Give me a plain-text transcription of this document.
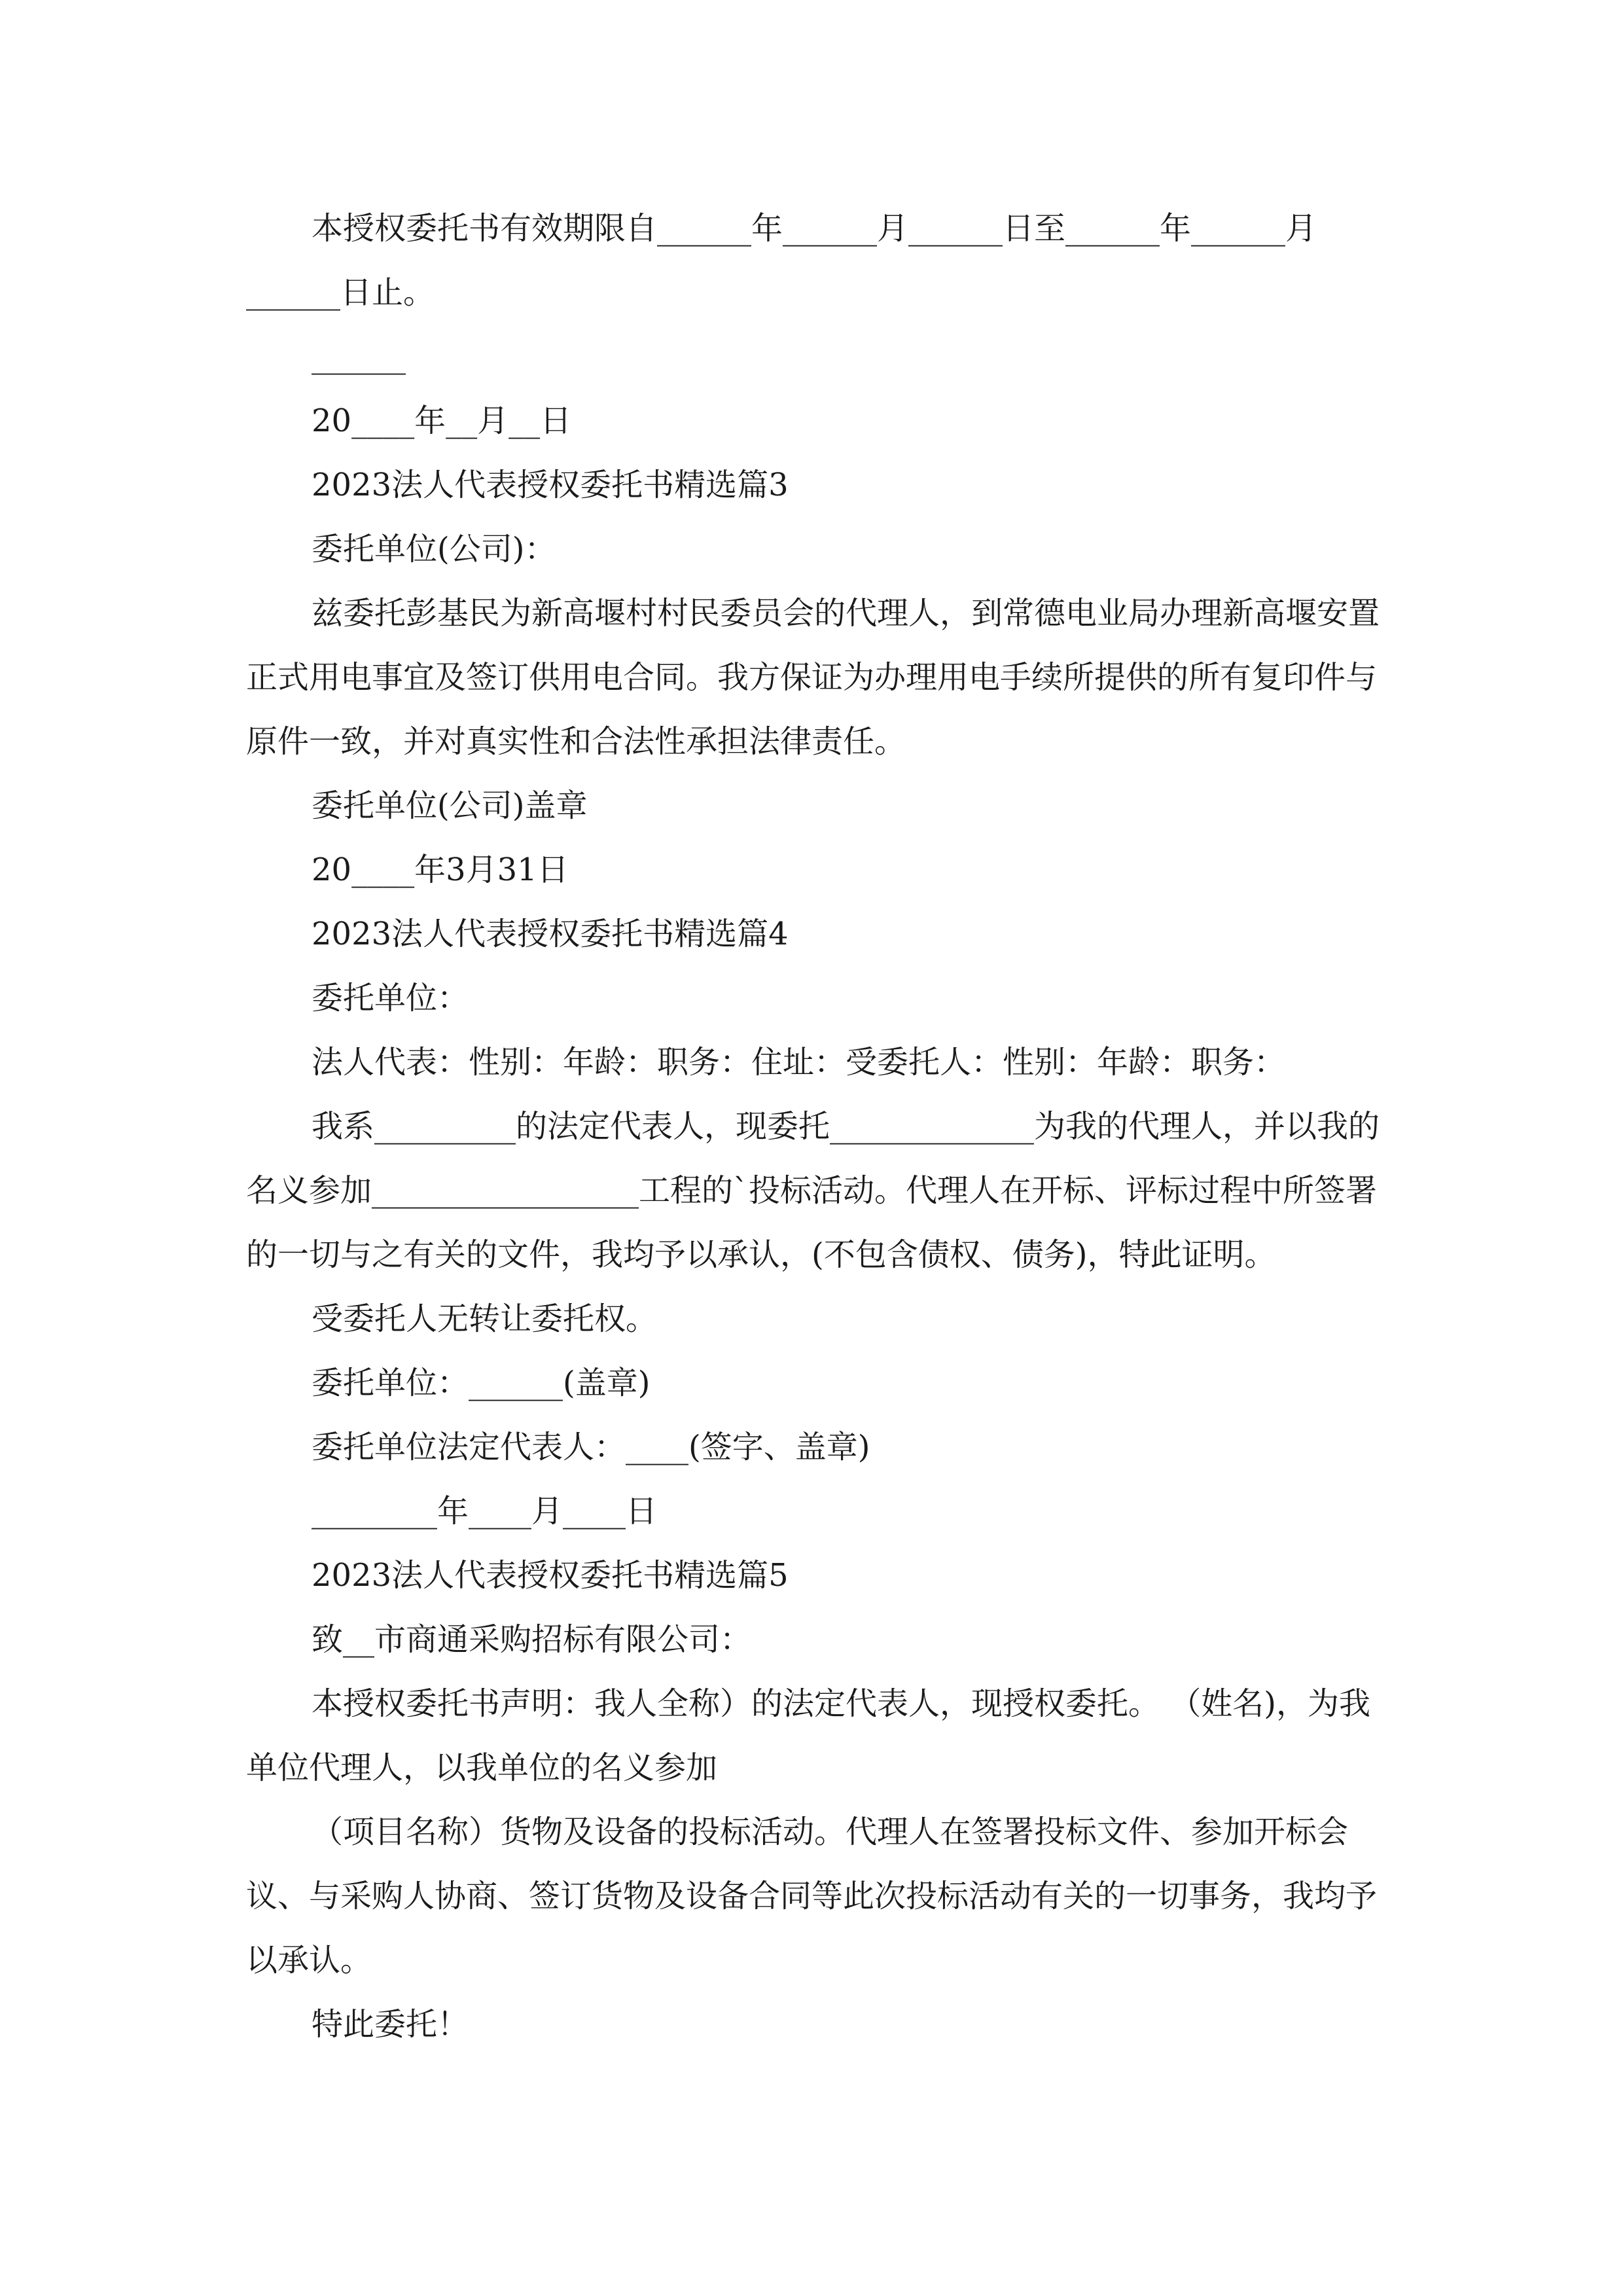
本授权委托书有效期限自______年______月______日至______年______月

______日止。

______

20____年__月__日

2023法人代表授权委托书精选篇3

委托单位(公司)：

兹委托彭基民为新高堰村村民委员会的代理人，到常德电业局办理新高堰安置正式用电事宜及签订供用电合同。我方保证为办理用电手续所提供的所有复印件与原件一致，并对真实性和合法性承担法律责任。

委托单位(公司)盖章

20____年3月31日

2023法人代表授权委托书精选篇4

委托单位：

法人代表：性别：年龄：职务：住址：受委托人：性别：年龄：职务：

我系_________的法定代表人，现委托_____________为我的代理人，并以我的名义参加_________________工程的`投标活动。代理人在开标、评标过程中所签署的一切与之有关的文件，我均予以承认，(不包含债权、债务)，特此证明。

受委托人无转让委托权。

委托单位：______(盖章)

委托单位法定代表人：____(签字、盖章)

________年____月____日

2023法人代表授权委托书精选篇5

致__市商通采购招标有限公司：

本授权委托书声明：我人全称）的法定代表人，现授权委托。 （姓名)，为我单位代理人，以我单位的名义参加

（项目名称）货物及设备的投标活动。代理人在签署投标文件、参加开标会议、与采购人协商、签订货物及设备合同等此次投标活动有关的一切事务，我均予以承认。

特此委托！
